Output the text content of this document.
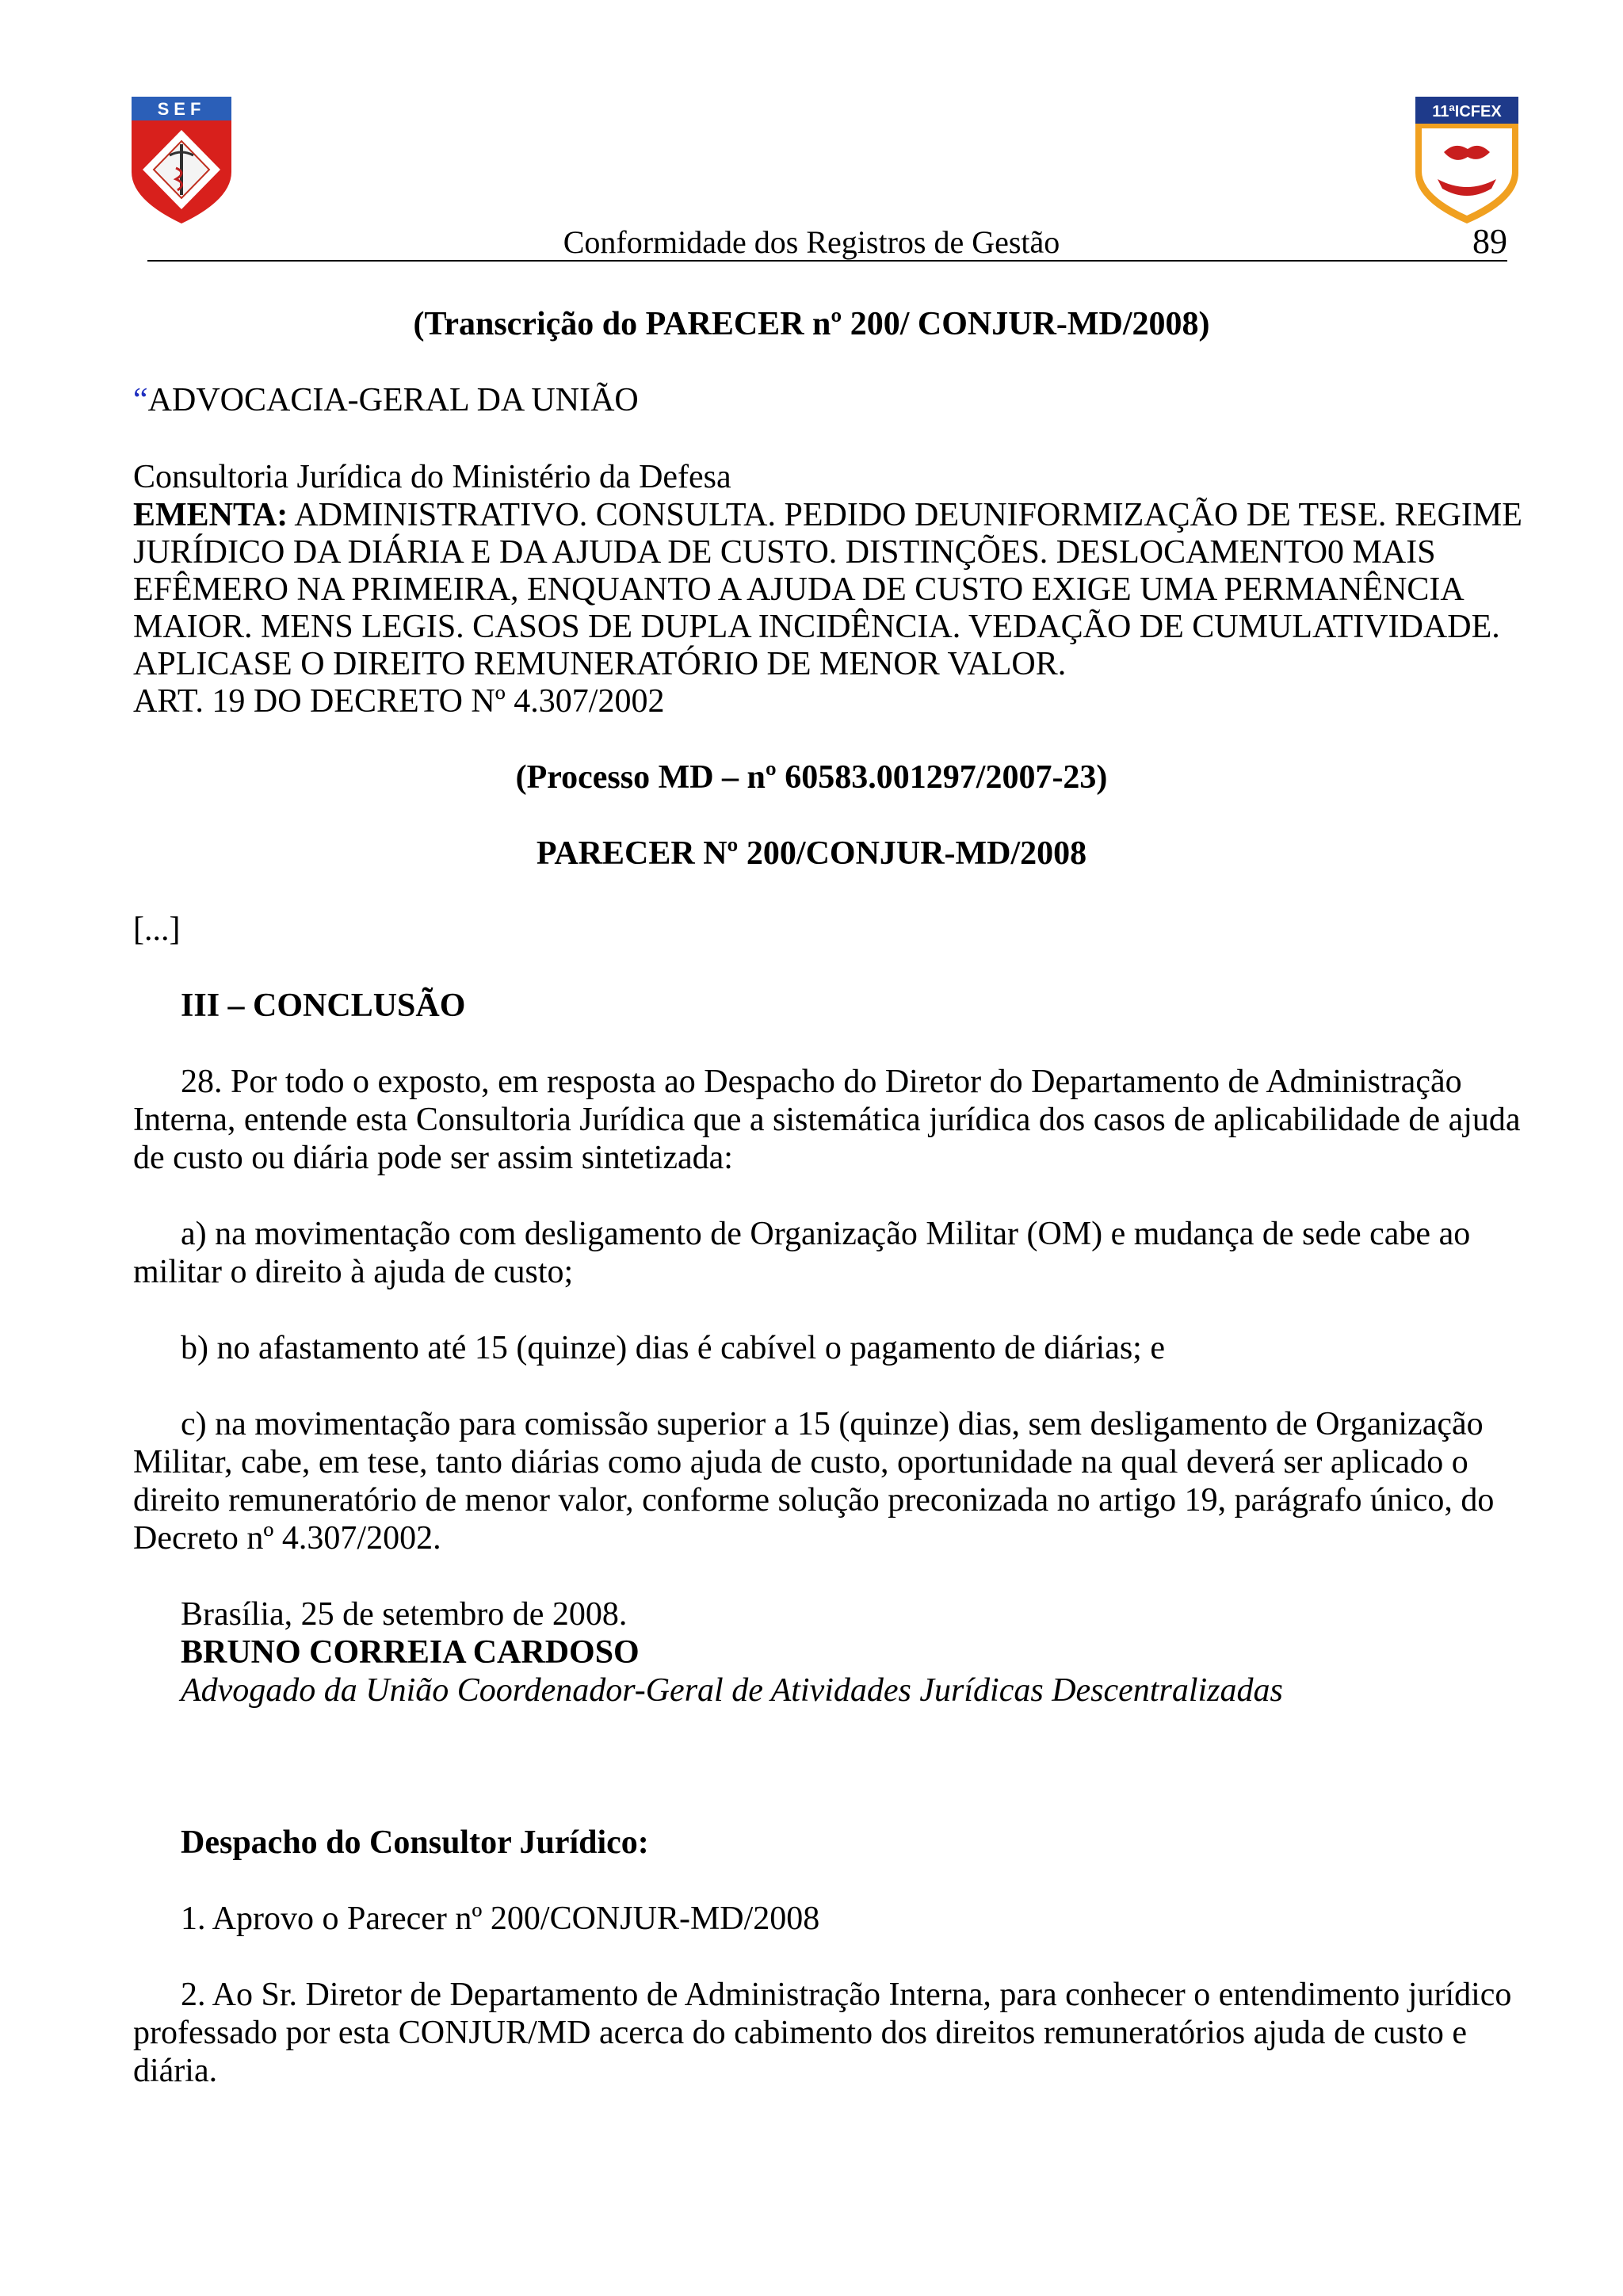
SEF	11ªICFEX
Conformidade dos Registros de Gestão	89
(Transcrição do PARECER nº 200/ CONJUR-MD/2008)
“ADVOCACIA-GERAL DA UNIÃO
Consultoria Jurídica do Ministério da Defesa
EMENTA: ADMINISTRATIVO. CONSULTA. PEDIDO DEUNIFORMIZAÇÃO DE TESE. REGIME
JURÍDICO DA DIÁRIA E DA AJUDA DE CUSTO. DISTINÇÕES. DESLOCAMENTO0 MAIS
EFÊMERO NA PRIMEIRA, ENQUANTO A AJUDA DE CUSTO EXIGE UMA PERMANÊNCIA
MAIOR. MENS LEGIS. CASOS DE DUPLA INCIDÊNCIA. VEDAÇÃO DE CUMULATIVIDADE.
APLICASE O DIREITO REMUNERATÓRIO DE MENOR VALOR.
ART. 19 DO DECRETO Nº 4.307/2002
(Processo MD – nº 60583.001297/2007-23)
PARECER Nº 200/CONJUR-MD/2008
[...]
III – CONCLUSÃO
28. Por todo o exposto, em resposta ao Despacho do Diretor do Departamento de Administração
Interna, entende esta Consultoria Jurídica que a sistemática jurídica dos casos de aplicabilidade de ajuda
de custo ou diária pode ser assim sintetizada:
a) na movimentação com desligamento de Organização Militar (OM) e mudança de sede cabe ao
militar o direito à ajuda de custo;
b) no afastamento até 15 (quinze) dias é cabível o pagamento de diárias; e
c) na movimentação para comissão superior a 15 (quinze) dias, sem desligamento de Organização
Militar, cabe, em tese, tanto diárias como ajuda de custo, oportunidade na qual deverá ser aplicado o
direito remuneratório de menor valor, conforme solução preconizada no artigo 19, parágrafo único, do
Decreto nº 4.307/2002.
Brasília, 25 de setembro de 2008.
BRUNO CORREIA CARDOSO
Advogado da União Coordenador-Geral de Atividades Jurídicas Descentralizadas
Despacho do Consultor Jurídico:
1. Aprovo o Parecer nº 200/CONJUR-MD/2008
2. Ao Sr. Diretor de Departamento de Administração Interna, para conhecer o entendimento jurídico
professado por esta CONJUR/MD acerca do cabimento dos direitos remuneratórios ajuda de custo e
diária.
